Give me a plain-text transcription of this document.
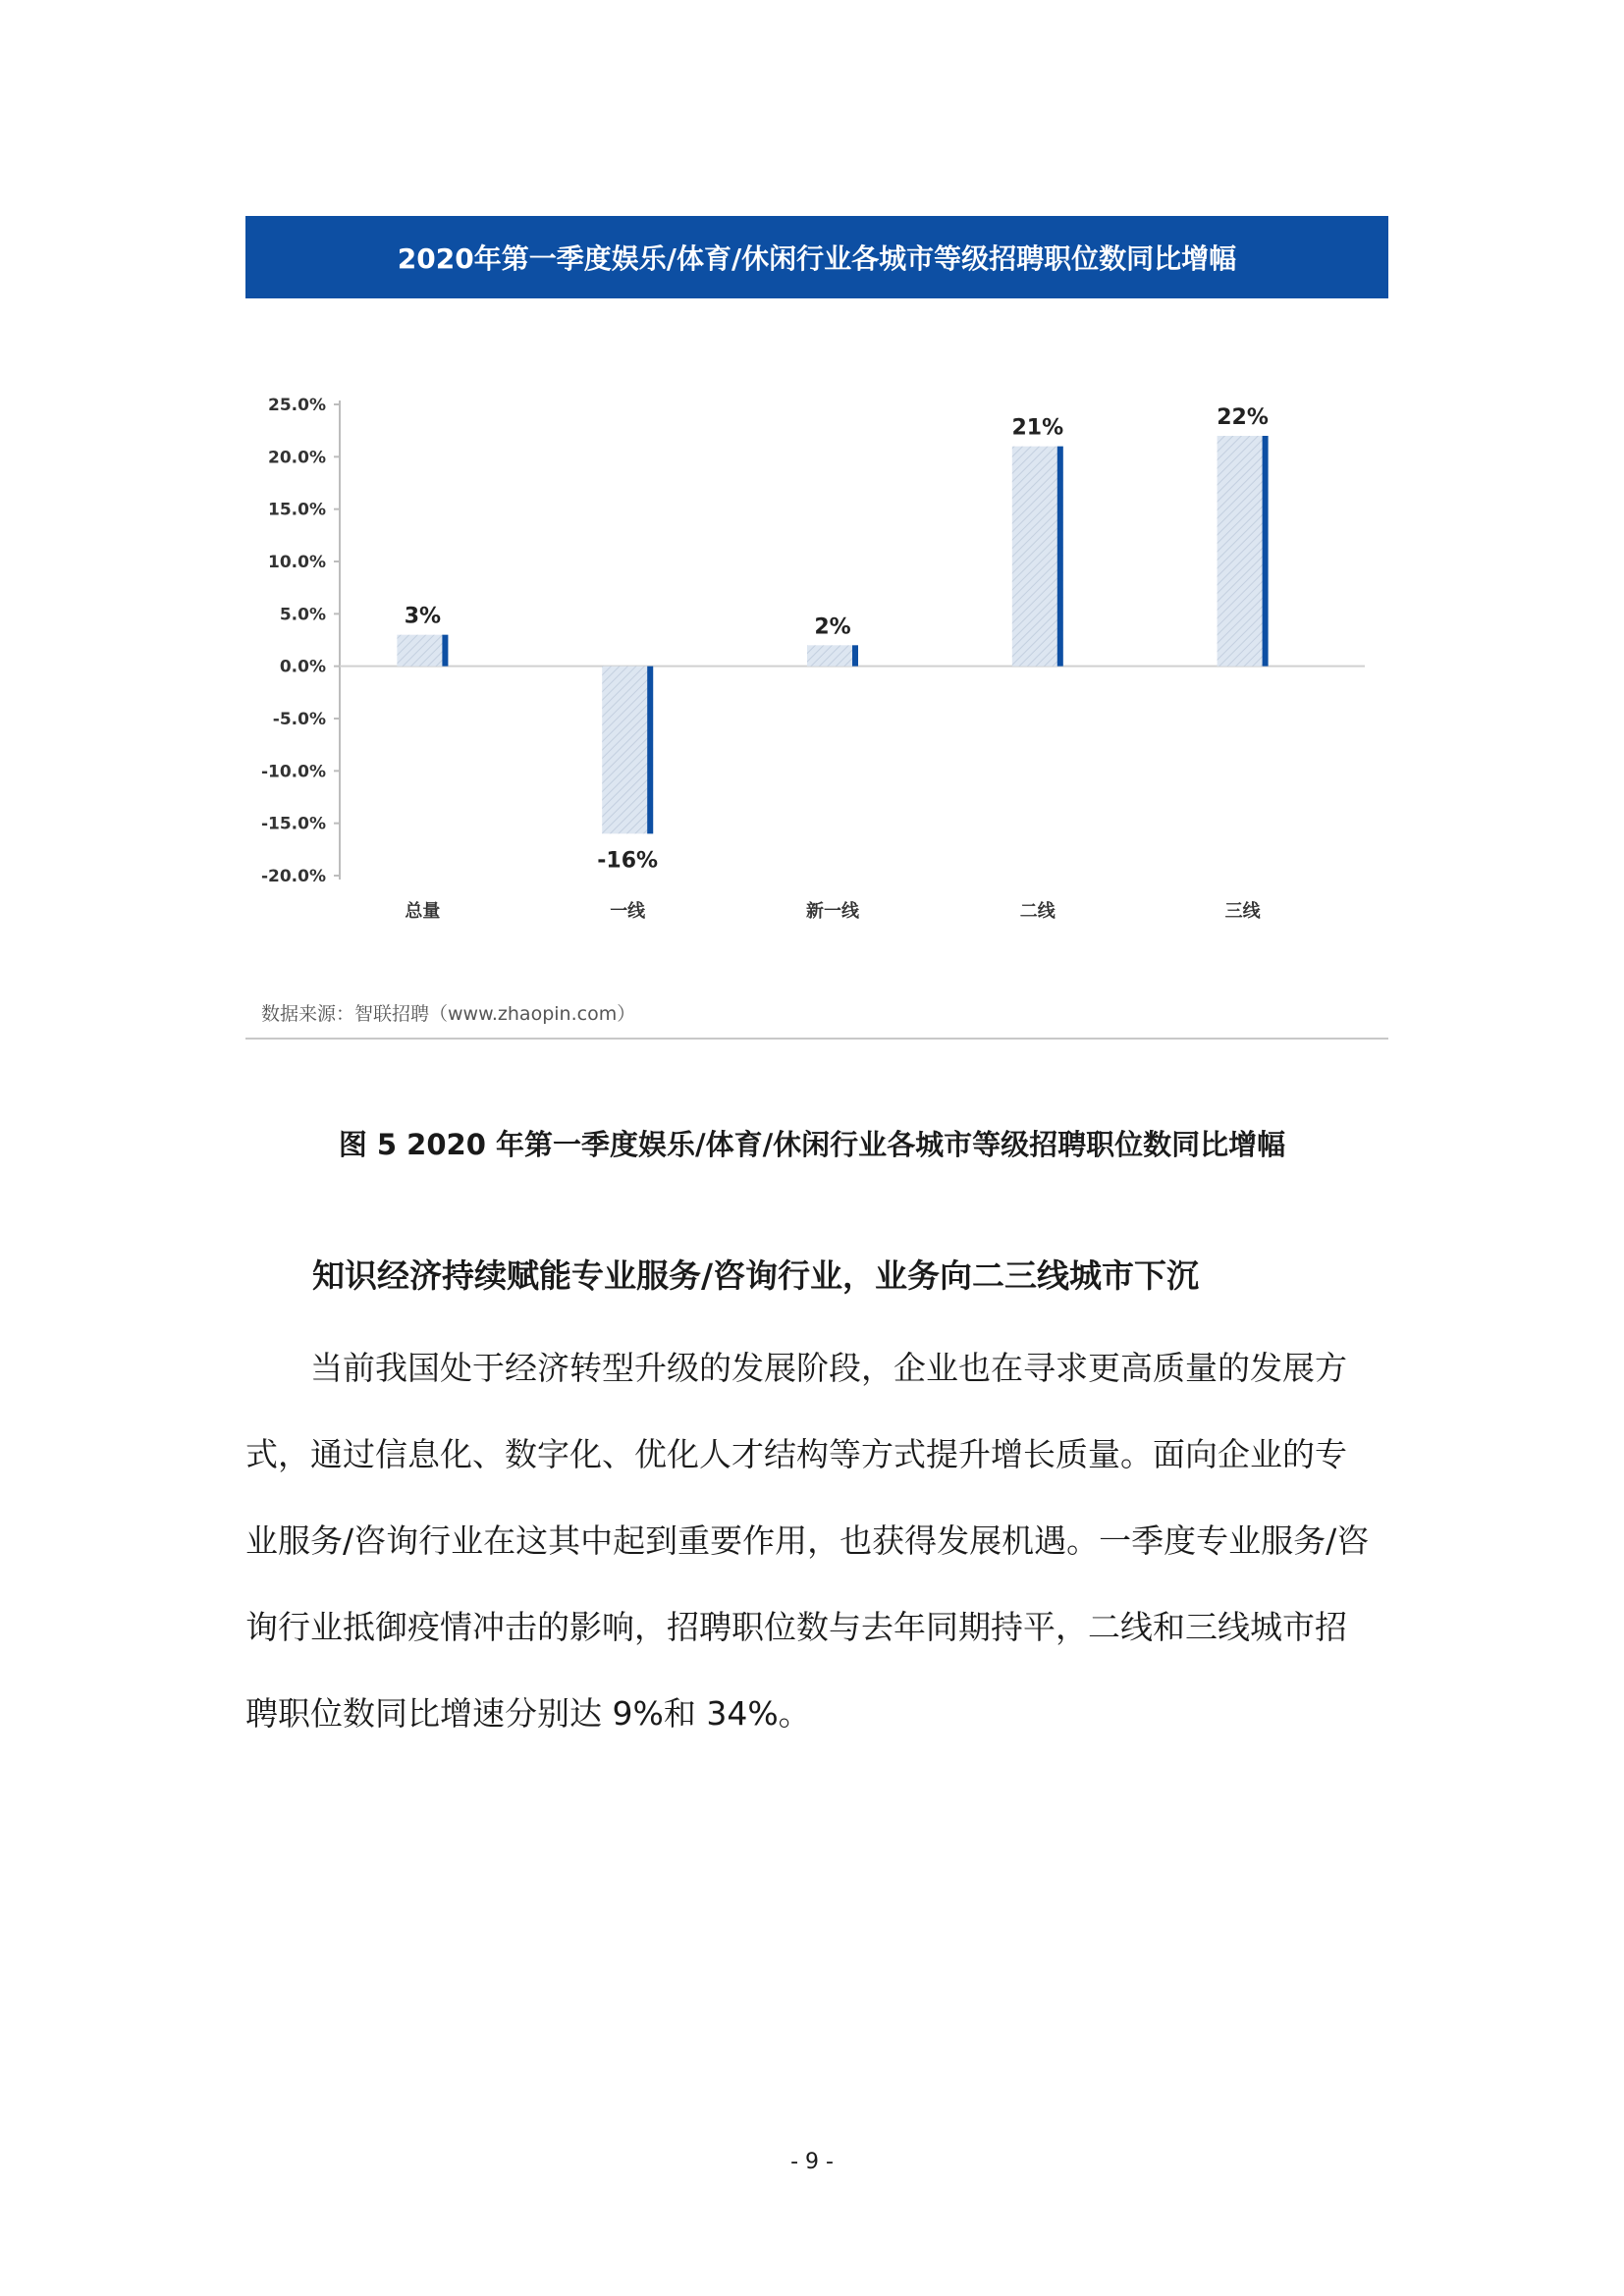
2020年第一季度娱乐/体育/休闲行业各城市等级招聘职位数同比增幅
25.0%
20.0%
15.0%
10.0%
5.0%
0.0%
-5.0%
-10.0%
-15.0%
-20.0%
3%
总量
-16%
一线
2%
新一线
21%
二线
22%
三线
数据来源：智联招聘（www.zhaopin.com）
图 5 2020 年第一季度娱乐/体育/休闲行业各城市等级招聘职位数同比增幅
知识经济持续赋能专业服务/咨询行业，业务向二三线城市下沉

当前我国处于经济转型升级的发展阶段，企业也在寻求更高质量的发展方式，通过信息化、数字化、优化人才结构等方式提升增长质量。面向企业的专业服务/咨询行业在这其中起到重要作用，也获得发展机遇。一季度专业服务/咨询行业抵御疫情冲击的影响，招聘职位数与去年同期持平，二线和三线城市招聘职位数同比增速分别达 9%和 34%。

- 9 -
